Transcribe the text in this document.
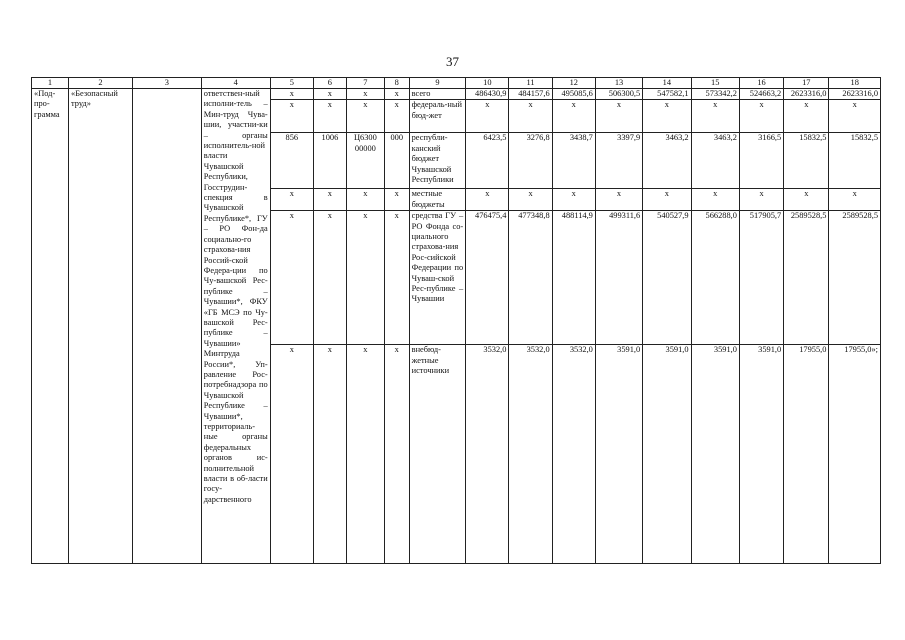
37
1	2	3	4	5	6	7	8	9	10	11	12	13	14	15	16	17	18
«Под-про-грамма	«Безопасный труд»		ответствен-ный исполни-тель – Мин-труд Чува-шии, участни-ки – органы исполнитель-ной власти Чувашской Республики, Госструдин-спекция в Чувашской Республике*, ГУ – РО Фон-да социально-го страхова-ния Россий-ской Федера-ции по Чу-вашской Рес-публике – Чувашии*, ФКУ «ГБ МСЭ по Чу-вашской Рес-публике – Чувашии» Минтруда России*, Уп-равление Рос-потребнадзора по Чувашской Республике – Чувашии*, территориаль-ные органы федеральных органов ис-полнительной власти в об-ласти госу-дарственного	x	x	x	x	всего	486430,9	484157,6	495085,6	506300,5	547582,1	573342,2	524663,2	2623316,0	2623316,0
				x	x	x	x	федераль-ный бюд-жет	x	x	x	x	x	x	x	x	x
				856	1006	Ц6300 00000	000	республи-канский бюджет Чувашской Республики	6423,5	3276,8	3438,7	3397,9	3463,2	3463,2	3166,5	15832,5	15832,5
				x	x	x	x	местные бюджеты	x	x	x	x	x	x	x	x	x
				x	x	x	x	средства ГУ – РО Фонда со-циального страхова-ния Рос-сийской Федерации по Чуваш-ской Рес-публике – Чувашии	476475,4	477348,8	488114,9	499311,6	540527,9	566288,0	517905,7	2589528,5	2589528,5
				x	x	x	x	внебюд-жетные источники	3532,0	3532,0	3532,0	3591,0	3591,0	3591,0	3591,0	17955,0	17955,0»;
